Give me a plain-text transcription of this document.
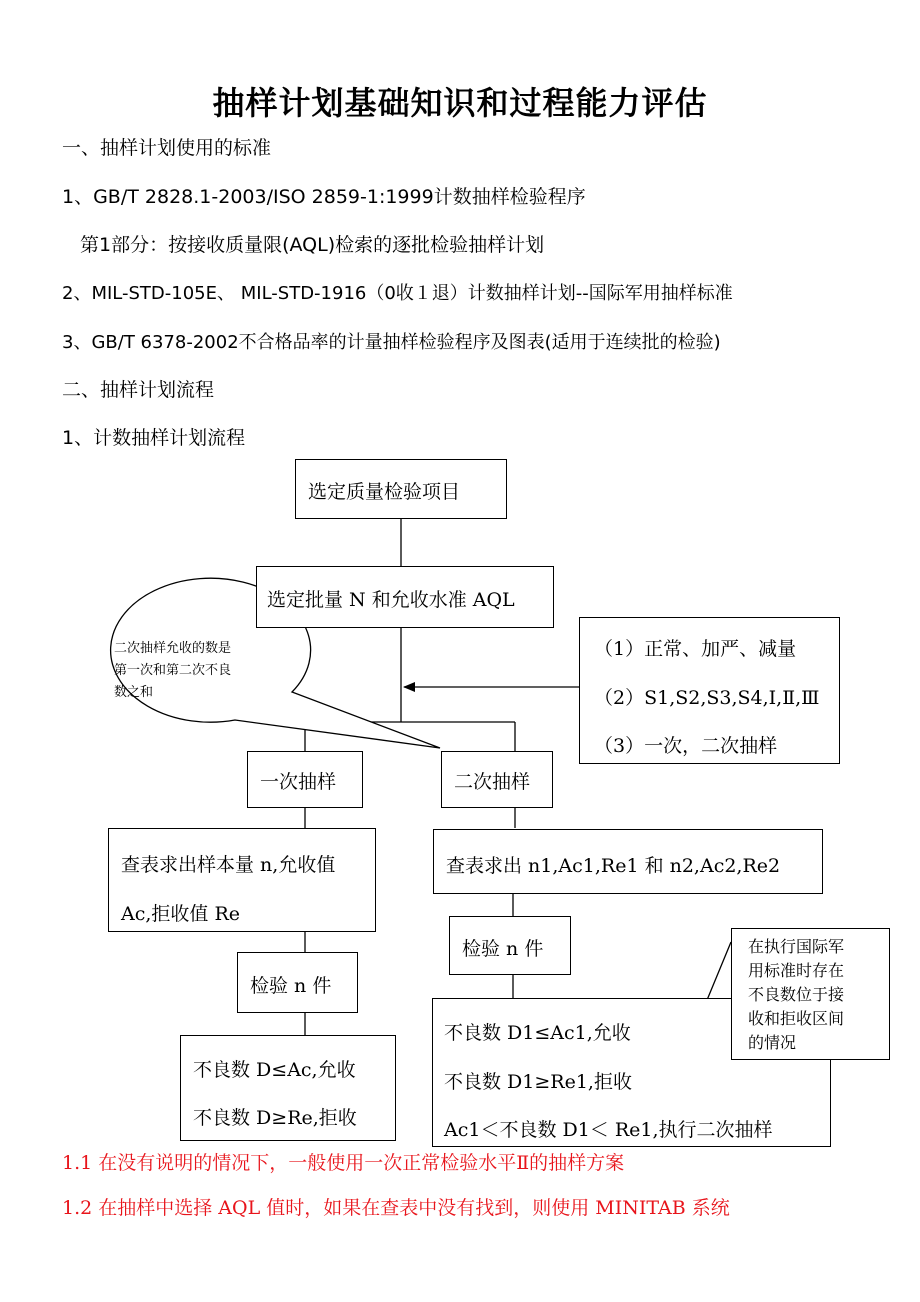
抽样计划基础知识和过程能力评估
一、抽样计划使用的标准
1、GB/T 2828.1-2003/ISO 2859-1:1999计数抽样检验程序
第1部分：按接收质量限(AQL)检索的逐批检验抽样计划
2、MIL-STD-105E、 MIL-STD-1916（0收１退）计数抽样计划--国际军用抽样标准
3、GB/T 6378-2002不合格品率的计量抽样检验程序及图表(适用于连续批的检验)
二、抽样计划流程
1、计数抽样计划流程
二次抽样允收的数是
第一次和第二次不良
数之和
选定质量检验项目
选定批量 N 和允收水准 AQL
（1）正常、加严、减量
（2）S1,S2,S3,S4,Ⅰ,Ⅱ,Ⅲ
（3）一次，二次抽样
一次抽样	二次抽样
查表求出样本量 n,允收值
Ac,拒收值 Re
查表求出 n1,Ac1,Re1 和 n2,Ac2,Re2
检验 n 件
检验 n 件
不良数 D≤Ac,允收
不良数 D≥Re,拒收
不良数 D1≤Ac1,允收
不良数 D1≥Re1,拒收
Ac1＜不良数 D1＜ Re1,执行二次抽样
在执行国际军
用标准时存在
不良数位于接
收和拒收区间
的情况
1.1 在没有说明的情况下，一般使用一次正常检验水平Ⅱ的抽样方案
1.2 在抽样中选择 AQL 值时，如果在查表中没有找到，则使用 MINITAB 系统
